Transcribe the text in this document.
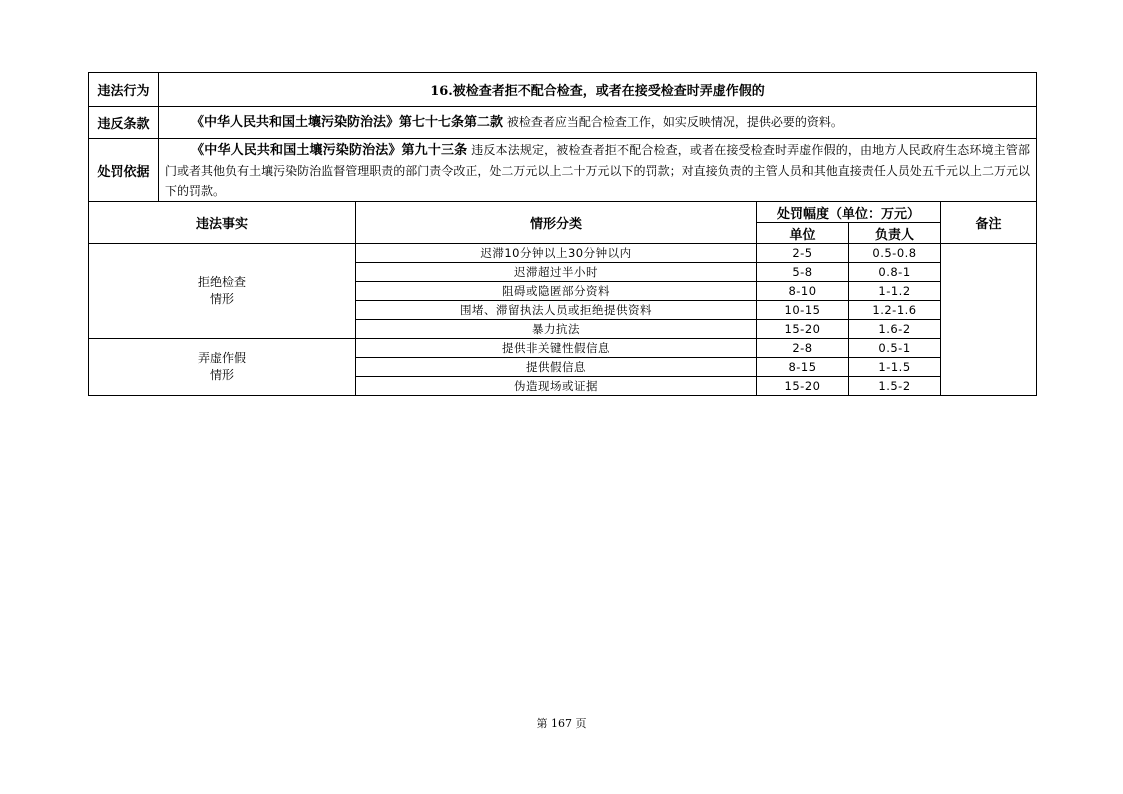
违法行为	16.被检查者拒不配合检查，或者在接受检查时弄虚作假的
违反条款	《中华人民共和国土壤污染防治法》第七十七条第二款 被检查者应当配合检查工作，如实反映情况，提供必要的资料。
处罚依据	《中华人民共和国土壤污染防治法》第九十三条 违反本法规定，被检查者拒不配合检查，或者在接受检查时弄虚作假的，由地方人民政府生态环境主管部门或者其他负有土壤污染防治监督管理职责的部门责令改正，处二万元以上二十万元以下的罚款；对直接负责的主管人员和其他直接责任人员处五千元以上二万元以下的罚款。
违法事实	情形分类	处罚幅度（单位：万元）		备注
		单位	负责人	

拒绝检查
情形	迟滞10分钟以上30分钟以内	2-5	0.5-0.8	
	迟滞超过半小时	5-8	0.8-1	
	阻碍或隐匿部分资料	8-10	1-1.2	
	围堵、滞留执法人员或拒绝提供资料	10-15	1.2-1.6	
	暴力抗法	15-20	1.6-2	

弄虚作假
情形	提供非关键性假信息	2-8	0.5-1	
	提供假信息	8-15	1-1.5	
	伪造现场或证据	15-20	1.5-2	
第 167 页
